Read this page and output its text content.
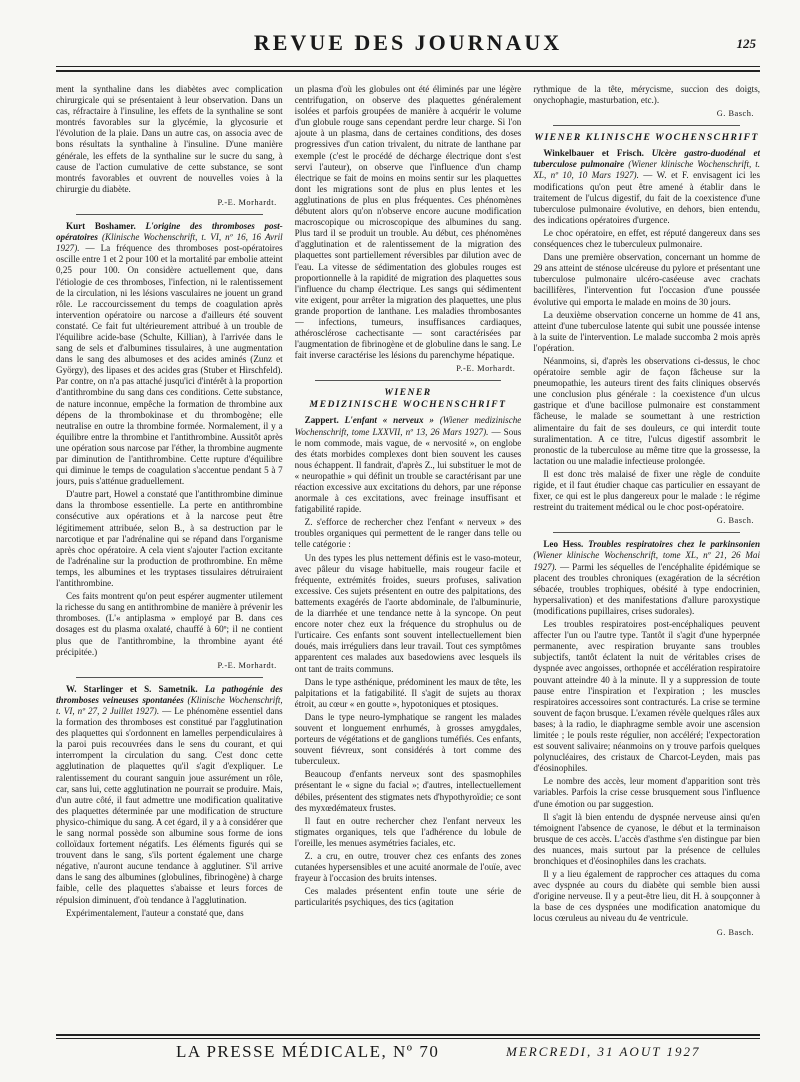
REVUE DES JOURNAUX	125

ment la synthaline dans les diabètes avec complication chirurgicale qui se présentaient à leur observation. Dans un cas, réfractaire à l'insuline, les effets de la synthaline se sont montrés favorables sur la glycémie, la glycosurie et l'évolution de la plaie. Dans un autre cas, on associa avec de bons résultats la synthaline à l'insuline. D'une manière générale, les effets de la synthaline sur le sucre du sang, à cause de l'action cumulative de cette substance, se sont montrés favorables et ouvrent de nouvelles voies à la chirurgie du diabète.

P.-E. Morhardt.

Kurt Boshamer. L'origine des thromboses post-opératoires (Klinische Wochenschrift, t. VI, nº 16, 16 Avril 1927). — La fréquence des thromboses post-opératoires oscille entre 1 et 2 pour 100 et la mortalité par embolie atteint 0,25 pour 100. On considère actuellement que, dans l'étiologie de ces thromboses, l'infection, ni le ralentissement de la circulation, ni les lésions vasculaires ne jouent un grand rôle. Le raccourcissement du temps de coagulation après intervention opératoire ou narcose a d'ailleurs été souvent constaté. Ce fait fut ultérieurement attribué à un trouble de l'équilibre acide-base (Schulte, Killian), à l'arrivée dans le sang de sels et d'albumines tissulaires, à une augmentation dans le sang des albumoses et des acides aminés (Zunz et György), des lipases et des acides gras (Stuber et Hirschfeld). Par contre, on n'a pas attaché jusqu'ici d'intérêt à la proportion d'antithrombine du sang dans ces conditions. Cette substance, de nature inconnue, empêche la formation de thrombine aux dépens de la thrombokinase et du thrombogène; elle neutralise en outre la thrombine formée. Normalement, il y a équilibre entre la thrombine et l'antithrombine. Aussitôt après une opération sous narcose par l'éther, la thrombine augmente par diminution de l'antithrombine. Cette rupture d'équilibre qui diminue le temps de coagulation s'accentue pendant 5 à 7 jours, puis s'atténue graduellement.

D'autre part, Howel a constaté que l'antithrombine diminue dans la thrombose essentielle. La perte en antithrombine consécutive aux opérations et à la narcose peut être légitimement attribuée, selon B., à sa destruction par le narcotique et par l'adrénaline qui se répand dans l'organisme après choc opératoire. A cela vient s'ajouter l'action excitante de l'adrénaline sur la production de prothrombine. En même temps, les albumines et les tryptases tissulaires détruiraient l'antithrombine.

Ces faits montrent qu'on peut espérer augmenter utilement la richesse du sang en antithrombine de manière à prévenir les thromboses. (L'« antiplasma » employé par B. dans ces dosages est du plasma oxalaté, chauffé à 60º; il ne contient plus que de l'antithrombine, la thrombine ayant été précipitée.)

P.-E. Morhardt.

W. Starlinger et S. Sametnik. La pathogénie des thromboses veineuses spontanées (Klinische Wochenschrift, t. VI, nº 27, 2 Juillet 1927). — Le phénomène essentiel dans la formation des thromboses est constitué par l'agglutination des plaquettes qui s'ordonnent en lamelles perpendiculaires à la paroi puis recouvrées dans le sens du courant, et qui interrompent la circulation du sang. C'est donc cette agglutination de plaquettes qu'il s'agit d'expliquer. Le ralentissement du courant sanguin joue assurément un rôle, car, sans lui, cette agglutination ne pourrait se produire. Mais, d'un autre côté, il faut admettre une modification qualitative des plaquettes déterminée par une modification de structure physico-chimique du sang. A cet égard, il y a à considérer que le sang normal possède son albumine sous forme de ions colloïdaux fortement négatifs. Les éléments figurés qui se trouvent dans le sang, s'ils portent également une charge négative, n'auront aucune tendance à agglutiner. S'il arrive dans le sang des albumines (globulines, fibrinogène) à charge faible, celle des plaquettes s'abaisse et leurs forces de répulsion diminuent, d'où tendance à l'agglutination.

Expérimentalement, l'auteur a constaté que, dans

un plasma d'où les globules ont été éliminés par une légère centrifugation, on observe des plaquettes généralement isolées et parfois groupées de manière à acquérir le volume d'un globule rouge sans cependant perdre leur charge. Si l'on ajoute à un plasma, dans de certaines conditions, des doses progressives d'un cation trivalent, du nitrate de lanthane par exemple (c'est le procédé de décharge électrique dont s'est servi l'auteur), on observe que l'influence d'un champ électrique se fait de moins en moins sentir sur les plaquettes dont les migrations sont de plus en plus lentes et les agglutinations de plus en plus fréquentes. Ces phénomènes débutent alors qu'on n'observe encore aucune modification macroscopique ou microscopique des albumines du sang. Plus tard il se produit un trouble. Au début, ces phénomènes d'agglutination et de ralentissement de la migration des plaquettes sont partiellement réversibles par dilution avec de l'eau. La vitesse de sédimentation des globules rouges est proportionnelle à la rapidité de migration des plaquettes sous l'influence du champ électrique. Les sangs qui sédimentent vite exigent, pour arrêter la migration des plaquettes, une plus grande proportion de lanthane. Les maladies thrombosantes — infections, tumeurs, insuffisances cardiaques, athérosclérose cachectisante — sont caractérisées par l'augmentation de fibrinogène et de globuline dans le sang. Le fait inverse caractérise les lésions du parenchyme hépatique.

P.-E. Morhardt.
WIENER
MEDIZINISCHE WOCHENSCHRIFT

Zappert. L'enfant « nerveux » (Wiener medizinische Wochenschrift, tome LXXVII, nº 13, 26 Mars 1927). — Sous le nom commode, mais vague, de « nervosité », on englobe des états morbides complexes dont bien souvent les causes nous échappent. Il fandrait, d'après Z., lui substituer le mot de « neuropathie » qui définit un trouble se caractérisant par une réaction excessive aux excitations du dehors, par une réponse anormale à ces excitations, avec freinage insuffisant et fatigabilité rapide.

Z. s'efforce de rechercher chez l'enfant « nerveux » des troubles organiques qui permettent de le ranger dans telle ou telle catégorie :

Un des types les plus nettement définis est le vaso-moteur, avec pâleur du visage habituelle, mais rougeur facile et fréquente, extrémités froides, sueurs profuses, salivation excessive. Ces sujets présentent en outre des palpitations, des battements exagérés de l'aorte abdominale, de l'albuminurie, de la diarrhée et une tendance nette à la syncope. On peut encore noter chez eux la fréquence du strophulus ou de l'urticaire. Ces enfants sont souvent intellectuellement bien doués, mais irréguliers dans leur travail. Tout ces symptômes apparentent ces malades aux basedowiens avec lesquels ils ont tant de traits communs.

Dans le type asthénique, prédominent les maux de tête, les palpitations et la fatigabilité. Il s'agit de sujets au thorax étroit, au cœur « en goutte », hypotoniques et ptosiques.

Dans le type neuro-lymphatique se rangent les malades souvent et longuement enrhumés, à grosses amygdales, porteurs de végétations et de ganglions tuméfiés. Ces enfants, souvent fiévreux, sont considérés à tort comme des tuberculeux.

Beaucoup d'enfants nerveux sont des spasmophiles présentant le « signe du facial »; d'autres, intellectuellement débiles, présentent des stigmates nets d'hypothyroïdie; ce sont des myxœdémateux frustes.

Il faut en outre rechercher chez l'enfant nerveux les stigmates organiques, tels que l'adhérence du lobule de l'oreille, les menues asymétries faciales, etc.

Z. a cru, en outre, trouver chez ces enfants des zones cutanées hypersensibles et une acuité anormale de l'ouïe, avec frayeur à l'occasion des bruits intenses.

Ces malades présentent enfin toute une série de particularités psychiques, des tics (agitation

rythmique de la tête, mérycisme, succion des doigts, onychophagie, masturbation, etc.).

G. Basch.
WIENER KLINISCHE WOCHENSCHRIFT

Winkelbauer et Frisch. Ulcère gastro-duodénal et tuberculose pulmonaire (Wiener klinische Wochenschrift, t. XL, nº 10, 10 Mars 1927). — W. et F. envisagent ici les modifications qu'on peut être amené à établir dans le traitement de l'ulcus digestif, du fait de la coexistence d'une tuberculose pulmonaire évolutive, en dehors, bien entendu, des indications opératoires d'urgence.

Le choc opératoire, en effet, est réputé dangereux dans ses conséquences chez le tuberculeux pulmonaire.

Dans une première observation, concernant un homme de 29 ans atteint de sténose ulcéreuse du pylore et présentant une tuberculose pulmonaire ulcéro-caséeuse avec crachats bacillifères, l'intervention fut l'occasion d'une poussée évolutive qui emporta le malade en moins de 30 jours.

La deuxième observation concerne un homme de 41 ans, atteint d'une tuberculose latente qui subit une poussée intense à la suite de l'intervention. Le malade succomba 2 mois après l'opération.

Néanmoins, si, d'après les observations ci-dessus, le choc opératoire semble agir de façon fâcheuse sur la pneumopathie, les auteurs tirent des faits cliniques observés une conclusion plus générale : la coexistence d'un ulcus gastrique et d'une bacillose pulmonaire est constamment fâcheuse, le malade se soumettant à une restriction alimentaire du fait de ses douleurs, ce qui interdit toute suralimentation. A ce titre, l'ulcus digestif assombrit le pronostic de la tuberculose au même titre que la grossesse, la lactation ou une maladie infectieuse prolongée.

Il est donc très malaisé de fixer une règle de conduite rigide, et il faut étudier chaque cas particulier en essayant de fixer, ce qui est le plus dangereux pour le malade : le régime restreint du traitement médical ou le choc post-opératoire.

G. Basch.

Leo Hess. Troubles respiratoires chez le parkinsonien (Wiener klinische Wochenschrift, tome XL, nº 21, 26 Mai 1927). — Parmi les séquelles de l'encéphalite épidémique se placent des troubles chroniques (exagération de la sécrétion sébacée, troubles trophiques, obésité à type endocrinien, hypersalivation) et des manifestations d'allure paroxystique (modifications pupillaires, crises sudorales).

Les troubles respiratoires post-encéphaliques peuvent affecter l'un ou l'autre type. Tantôt il s'agit d'une hyperpnée permanente, avec respiration bruyante sans troubles subjectifs, tantôt éclatent la nuit de véritables crises de dyspnée avec angoisses, orthopnée et accélération respiratoire pouvant atteindre 40 à la minute. Il y a suppression de toute pause entre l'inspiration et l'expiration ; les muscles respiratoires accessoires sont contracturés. La crise se termine souvent de façon brusque. L'examen révèle quelques râles aux bases; à la radio, le diaphragme semble avoir une ascension limitée ; le pouls reste régulier, non accéléré; l'expectoration est souvent salivaire; néanmoins on y trouve parfois quelques polynucléaires, des cristaux de Charcot-Leyden, mais pas d'éosinophiles.

Le nombre des accès, leur moment d'apparition sont très variables. Parfois la crise cesse brusquement sous l'influence d'une émotion ou par suggestion.

Il s'agit là bien entendu de dyspnée nerveuse ainsi qu'en témoignent l'absence de cyanose, le début et la terminaison brusque de ces accès. L'accès d'asthme s'en distingue par bien des nuances, mais surtout par la présence de cellules bronchiques et d'éosinophiles dans les crachats.

Il y a lieu également de rapprocher ces attaques du coma avec dyspnée au cours du diabète qui semble bien aussi d'origine nerveuse. Il y a peut-être lieu, dit H. à soupçonner à la base de ces dyspnées une modification anatomique du locus cœruleus au niveau du 4e ventricule.

G. Basch.
LA PRESSE MÉDICALE, Nº 70	MERCREDI, 31 AOUT 1927
